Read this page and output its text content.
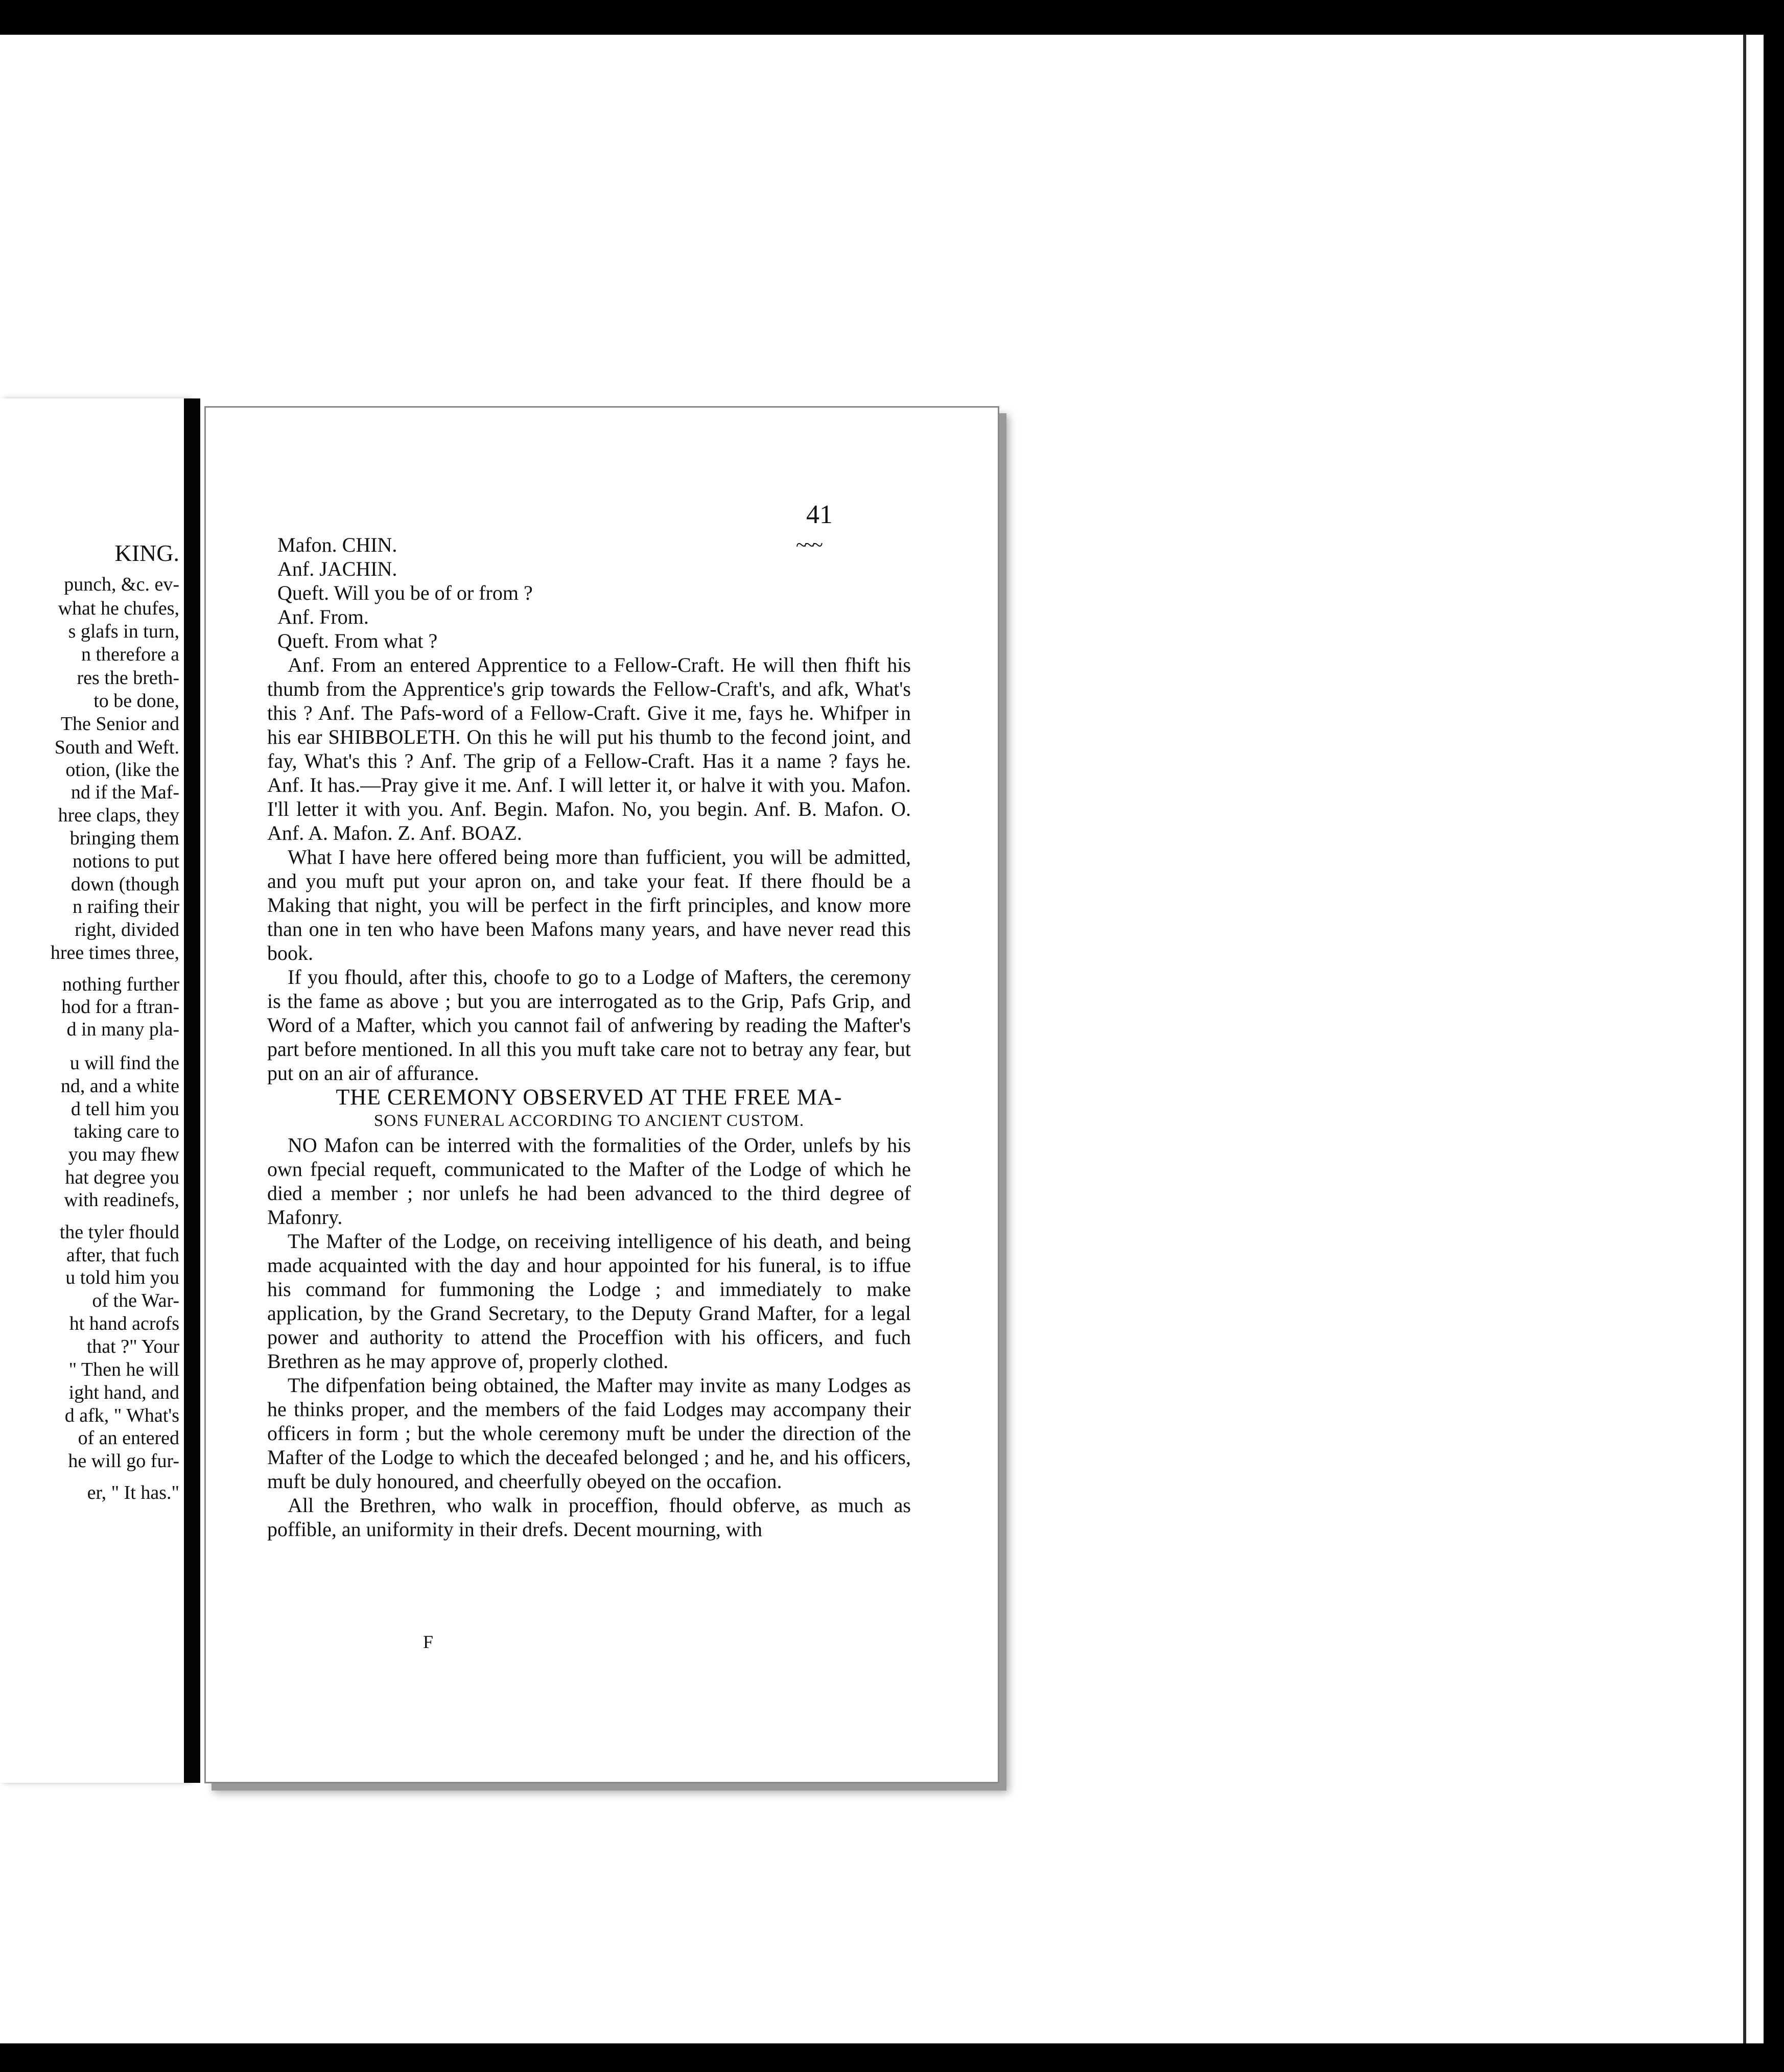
KING.
punch, &c. ev-
what he chufes,
s glafs in turn,
n therefore a
res the breth-
to be done,
The Senior and
South and Weft.
otion, (like the
nd if the Maf-
hree claps, they
bringing them
notions to put
down (though
n raifing their
right, divided
hree times three,
nothing further
hod for a ftran-
d in many pla-
u will find the
nd, and a white
d tell him you
taking care to
you may fhew
hat degree you
with readinefs,
the tyler fhould
after, that fuch
u told him you
of the War-
ht hand acrofs
that ?" Your
" Then he will
ight hand, and
d afk, " What's
of an entered
he will go fur-
er, " It has."
41
~~~

Mafon. CHIN.

Anf. JACHIN.

Queft. Will you be of or from ?

Anf. From.

Queft. From what ?

Anf. From an entered Apprentice to a Fellow-Craft. He will then fhift his thumb from the Apprentice's grip towards the Fellow-Craft's, and afk, What's this ? Anf. The Pafs-word of a Fellow-Craft. Give it me, fays he. Whifper in his ear SHIBBOLETH. On this he will put his thumb to the fecond joint, and fay, What's this ? Anf. The grip of a Fellow-Craft. Has it a name ? fays he. Anf. It has.—Pray give it me. Anf. I will letter it, or halve it with you. Mafon. I'll letter it with you. Anf. Begin. Mafon. No, you begin. Anf. B. Mafon. O. Anf. A. Mafon. Z. Anf. BOAZ.

What I have here offered being more than fufficient, you will be admitted, and you muft put your apron on, and take your feat. If there fhould be a Making that night, you will be perfect in the firft principles, and know more than one in ten who have been Mafons many years, and have never read this book.

If you fhould, after this, choofe to go to a Lodge of Mafters, the ceremony is the fame as above ; but you are interrogated as to the Grip, Pafs Grip, and Word of a Mafter, which you cannot fail of anfwering by reading the Mafter's part before mentioned. In all this you muft take care not to betray any fear, but put on an air of affurance.

THE CEREMONY OBSERVED AT THE FREE MA-

SONS FUNERAL ACCORDING TO ANCIENT CUSTOM.

NO Mafon can be interred with the formalities of the Order, unlefs by his own fpecial requeft, communicated to the Mafter of the Lodge of which he died a member ; nor unlefs he had been advanced to the third degree of Mafonry.

The Mafter of the Lodge, on receiving intelligence of his death, and being made acquainted with the day and hour appointed for his funeral, is to iffue his command for fummoning the Lodge ; and immediately to make application, by the Grand Secretary, to the Deputy Grand Mafter, for a legal power and authority to attend the Proceffion with his officers, and fuch Brethren as he may approve of, properly clothed.

The difpenfation being obtained, the Mafter may invite as many Lodges as he thinks proper, and the members of the faid Lodges may accompany their officers in form ; but the whole ceremony muft be under the direction of the Mafter of the Lodge to which the deceafed belonged ; and he, and his officers, muft be duly honoured, and cheerfully obeyed on the occafion.

All the Brethren, who walk in proceffion, fhould obferve, as much as poffible, an uniformity in their drefs. Decent mourning, with

F
